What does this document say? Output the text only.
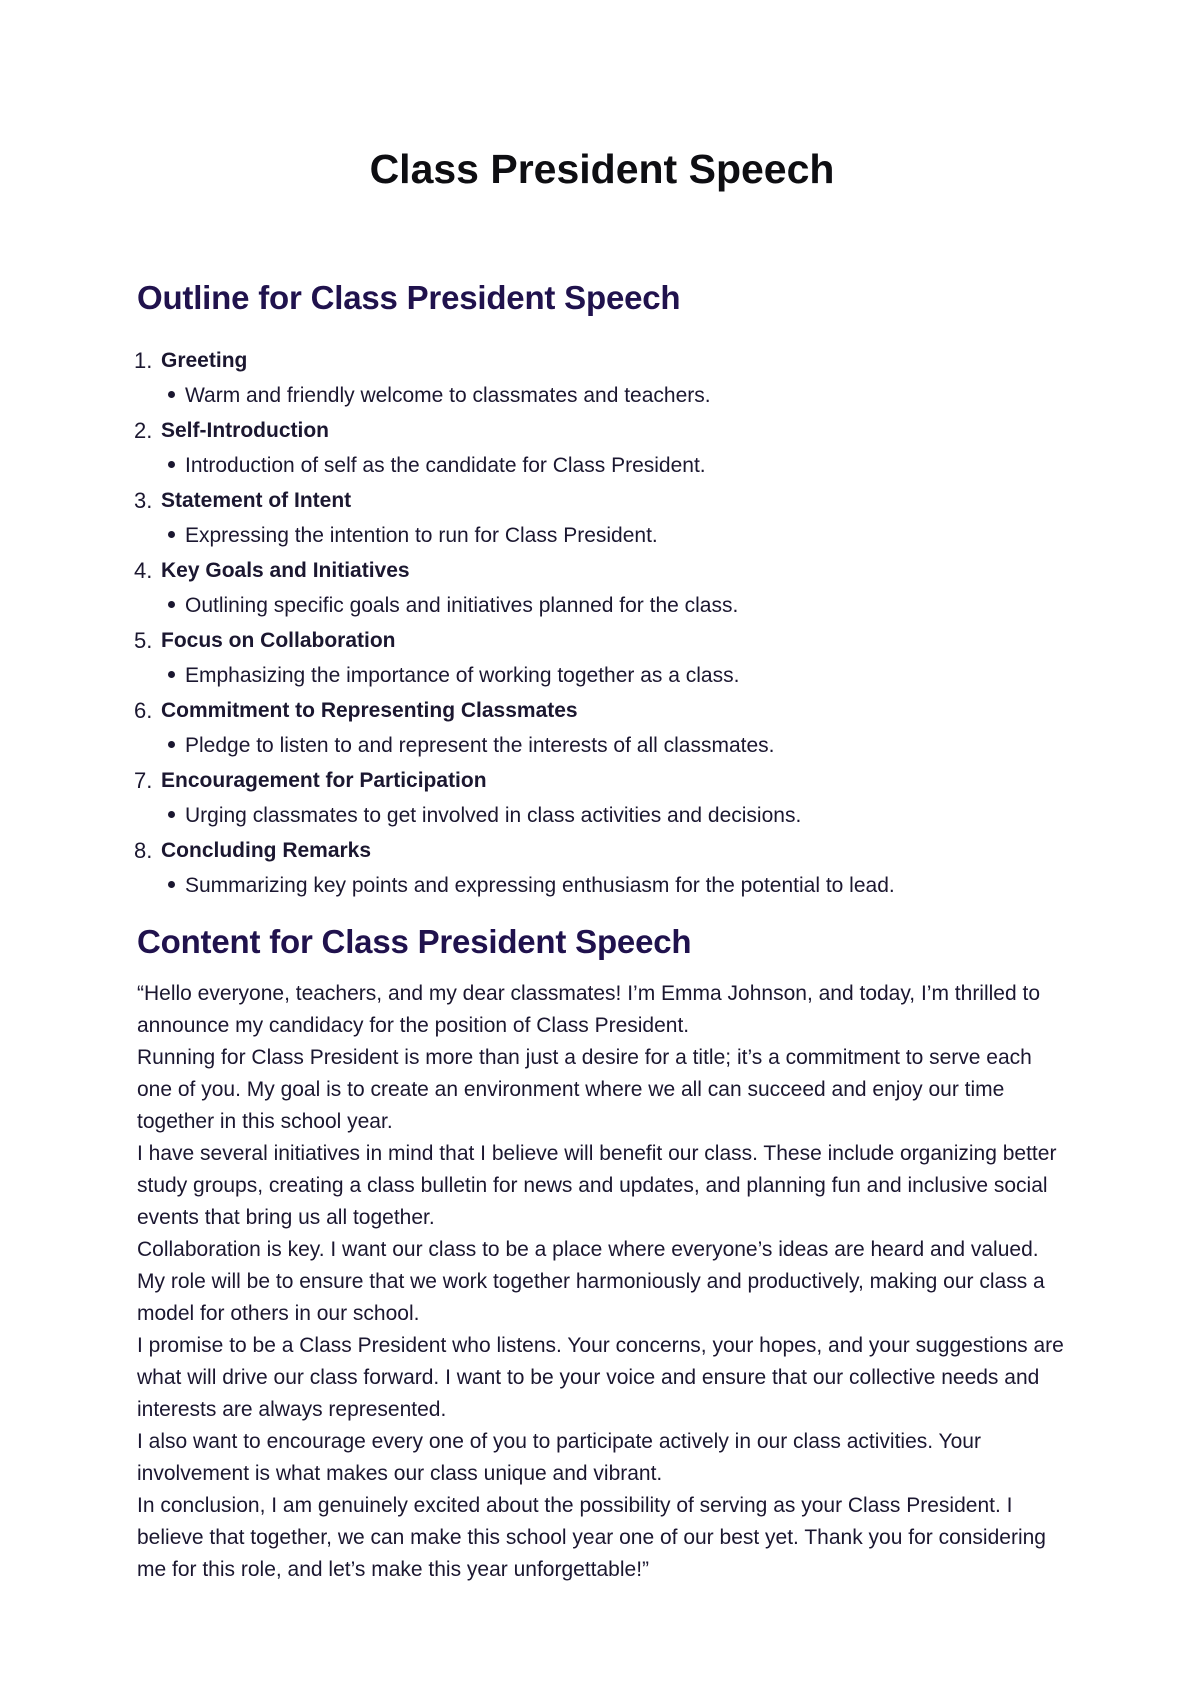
Class President Speech
Outline for Class President Speech
1. Greeting
Warm and friendly welcome to classmates and teachers.
2. Self-Introduction
Introduction of self as the candidate for Class President.
3. Statement of Intent
Expressing the intention to run for Class President.
4. Key Goals and Initiatives
Outlining specific goals and initiatives planned for the class.
5. Focus on Collaboration
Emphasizing the importance of working together as a class.
6. Commitment to Representing Classmates
Pledge to listen to and represent the interests of all classmates.
7. Encouragement for Participation
Urging classmates to get involved in class activities and decisions.
8. Concluding Remarks
Summarizing key points and expressing enthusiasm for the potential to lead.
Content for Class President Speech

“Hello everyone, teachers, and my dear classmates! I’m Emma Johnson, and today, I’m thrilled to announce my candidacy for the position of Class President.

Running for Class President is more than just a desire for a title; it’s a commitment to serve each one of you. My goal is to create an environment where we all can succeed and enjoy our time together in this school year.

I have several initiatives in mind that I believe will benefit our class. These include organizing better study groups, creating a class bulletin for news and updates, and planning fun and inclusive social events that bring us all together.

Collaboration is key. I want our class to be a place where everyone’s ideas are heard and valued. My role will be to ensure that we work together harmoniously and productively, making our class a model for others in our school.

I promise to be a Class President who listens. Your concerns, your hopes, and your suggestions are what will drive our class forward. I want to be your voice and ensure that our collective needs and interests are always represented.

I also want to encourage every one of you to participate actively in our class activities. Your involvement is what makes our class unique and vibrant.

In conclusion, I am genuinely excited about the possibility of serving as your Class President. I believe that together, we can make this school year one of our best yet. Thank you for considering me for this role, and let’s make this year unforgettable!”
